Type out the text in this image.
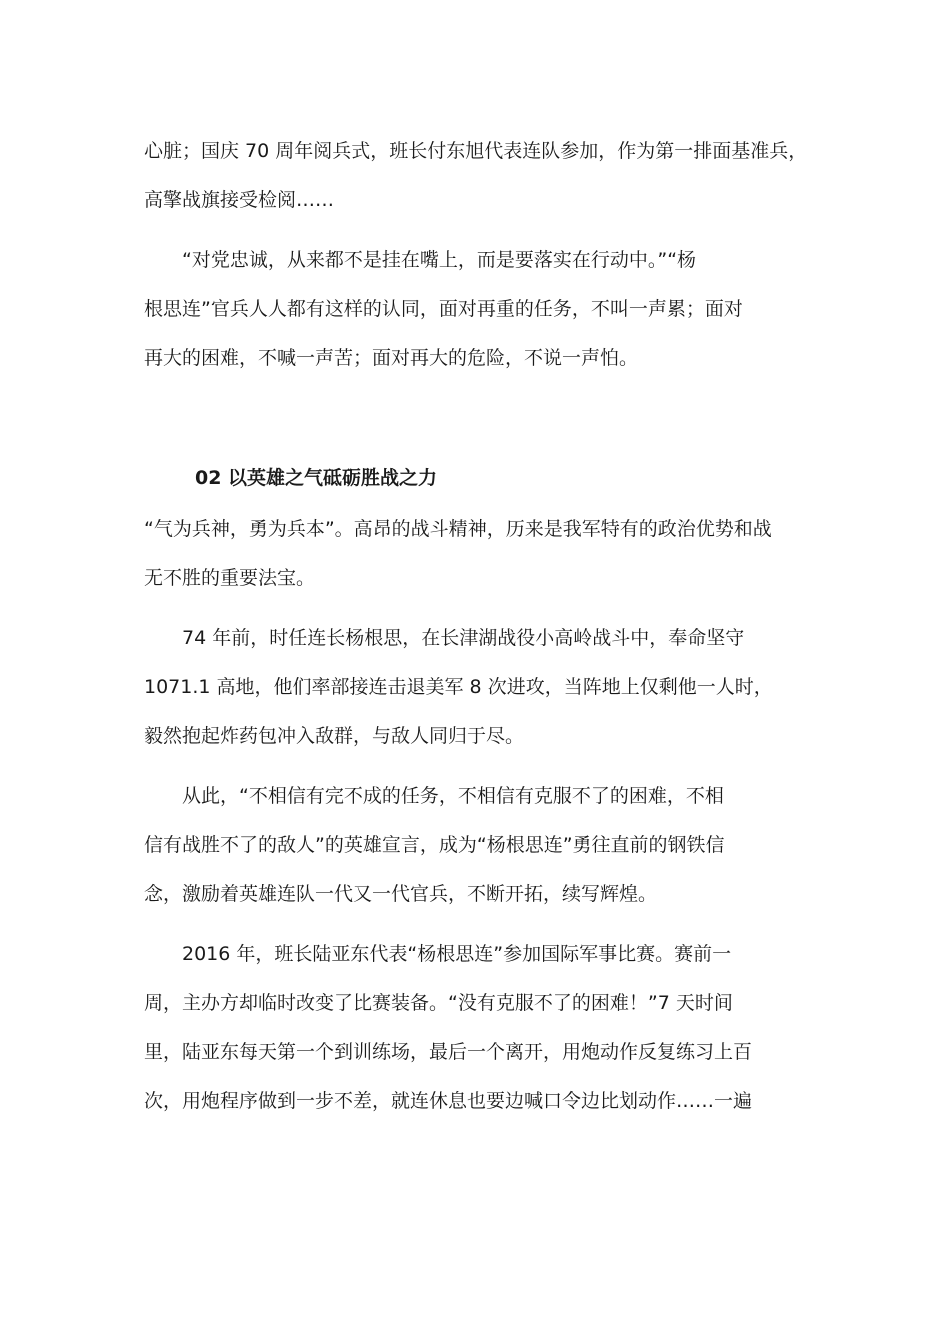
心脏；国庆 70 周年阅兵式，班长付东旭代表连队参加，作为第一排面基准兵，
高擎战旗接受检阅……

　　“对党忠诚，从来都不是挂在嘴上，而是要落实在行动中。”“杨
根思连”官兵人人都有这样的认同，面对再重的任务，不叫一声累；面对
再大的困难，不喊一声苦；面对再大的危险，不说一声怕。

02 以英雄之气砥砺胜战之力

“气为兵神，勇为兵本”。高昂的战斗精神，历来是我军特有的政治优势和战
无不胜的重要法宝。

　　74 年前，时任连长杨根思，在长津湖战役小高岭战斗中，奉命坚守
1071.1 高地，他们率部接连击退美军 8 次进攻，当阵地上仅剩他一人时，
毅然抱起炸药包冲入敌群，与敌人同归于尽。

　　从此，“不相信有完不成的任务，不相信有克服不了的困难，不相
信有战胜不了的敌人”的英雄宣言，成为“杨根思连”勇往直前的钢铁信
念，激励着英雄连队一代又一代官兵，不断开拓，续写辉煌。

　　2016 年，班长陆亚东代表“杨根思连”参加国际军事比赛。赛前一
周，主办方却临时改变了比赛装备。“没有克服不了的困难！”7 天时间
里，陆亚东每天第一个到训练场，最后一个离开，用炮动作反复练习上百
次，用炮程序做到一步不差，就连休息也要边喊口令边比划动作……一遍
